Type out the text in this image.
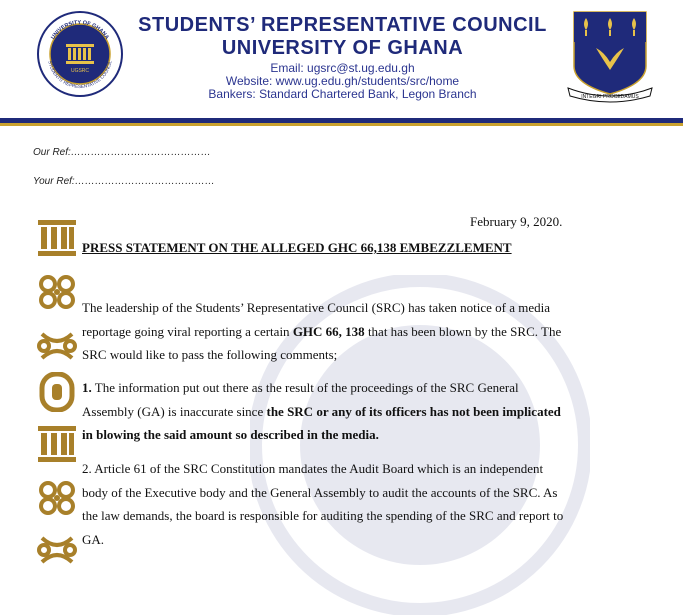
UGSRC
UNIVERSITY OF GHANA
STUDENTS' REPRESENTATIVE COUNCIL
STUDENTS’ REPRESENTATIVE COUNCIL
UNIVERSITY OF GHANA
Email: ugsrc@st.ug.edu.gh
Website: www.ug.edu.gh/students/src/home
Bankers: Standard Chartered Bank, Legon Branch	INTEGRI PROCEDAMUS
Our Ref:……………………………………
Your Ref:……………………………………
February 9, 2020.
PRESS STATEMENT ON THE ALLEGED GHC 66,138 EMBEZZLEMENT
The leadership of the Students’ Representative Council (SRC) has taken notice of a media
reportage going viral reporting a certain GHC 66, 138 that has been blown by the SRC. The
SRC would like to pass the following comments;
1. The information put out there as the result of the proceedings of the SRC General
Assembly (GA) is inaccurate since the SRC or any of its officers has not been implicated
in blowing the said amount so described in the media.
2. Article 61 of the SRC Constitution mandates the Audit Board which is an independent
body of the Executive body and the General Assembly to audit the accounts of the SRC. As
the law demands, the board is responsible for auditing the spending of the SRC and report to
GA.
